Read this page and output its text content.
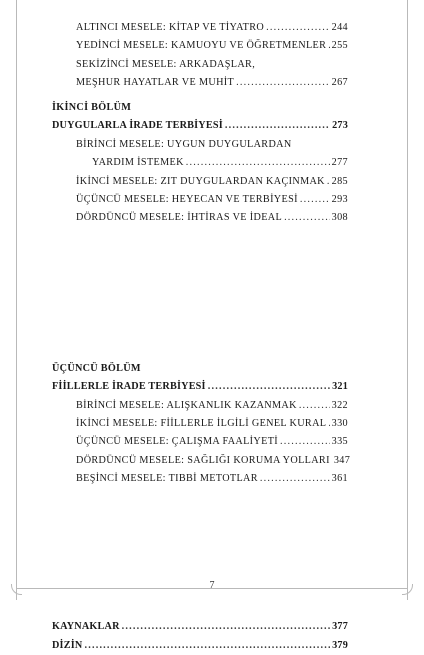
ALTINCI MESELE: KİTAP VE TİYATRO .....	244
YEDİNCİ MESELE: KAMUOYU VE ÖĞRETMENLER ..... 255
SEKİZİNCİ MESELE: ARKADAŞLAR,
MEŞHUR HAYATLAR VE MUHİT .....	267
İKİNCİ BÖLÜM
DUYGULARLA İRADE TERBİYESİ .....	273
BİRİNCİ MESELE: UYGUN DUYGULARDAN
YARDIM İSTEMEK .....	277
İKİNCİ MESELE: ZIT DUYGULARDAN KAÇINMAK ..... 285
ÜÇÜNCÜ MESELE: HEYECAN VE TERBİYESİ .....	293
DÖRDÜNCÜ MESELE: İHTİRAS VE İDEAL .....	308
ÜÇÜNCÜ BÖLÜM
FİİLLERLE İRADE TERBİYESİ .....	321
BİRİNCİ MESELE: ALIŞKANLIK KAZANMAK .....	322
İKİNCİ MESELE: FİİLLERLE İLGİLİ GENEL KURAL ..... 330
ÜÇÜNCÜ MESELE: ÇALIŞMA FAALİYETİ .....	335
DÖRDÜNCÜ MESELE: SAĞLIĞI KORUMA YOLLARI 347
BEŞİNCİ MESELE: TIBBİ METOTLAR .....	361
KAYNAKLAR .....	377
DİZİN .....	379
7
